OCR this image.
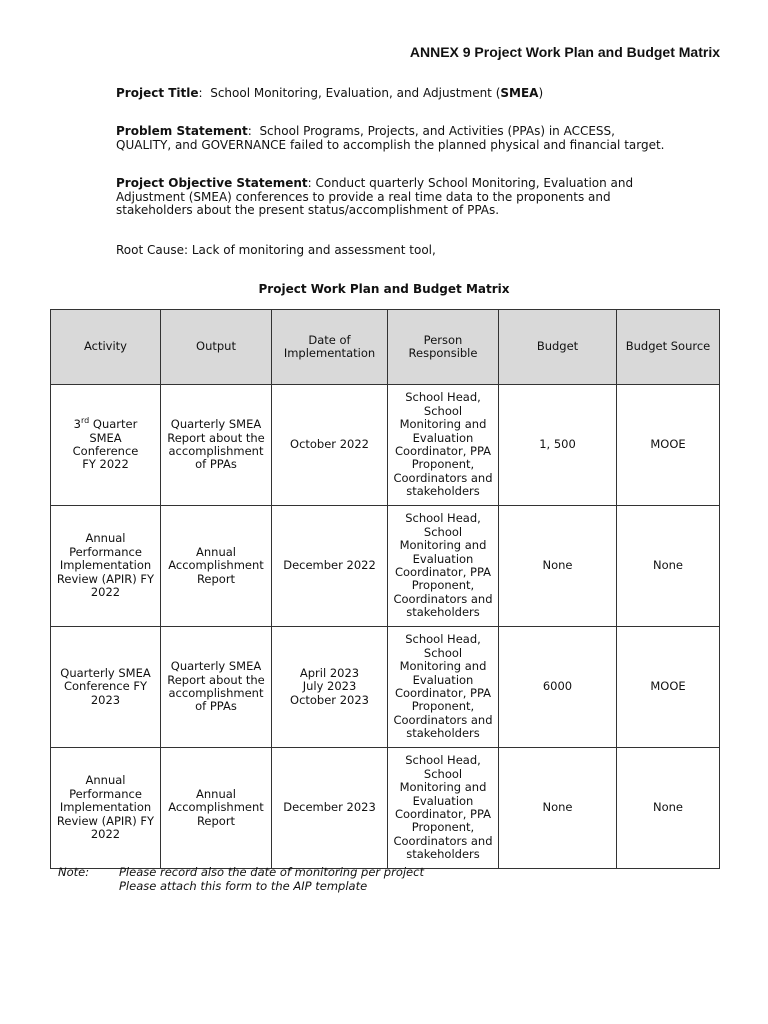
ANNEX 9 Project Work Plan and Budget Matrix
Project Title:  School Monitoring, Evaluation, and Adjustment (SMEA)
Problem Statement:  School Programs, Projects, and Activities (PPAs) in ACCESS,
QUALITY, and GOVERNANCE failed to accomplish the planned physical and financial target.
Project Objective Statement: Conduct quarterly School Monitoring, Evaluation and
Adjustment (SMEA) conferences to provide a real time data to the proponents and
stakeholders about the present status/accomplishment of PPAs.
Root Cause: Lack of monitoring and assessment tool,
Project Work Plan and Budget Matrix
Activity	Output	Date of Implementation	Person Responsible	Budget	Budget Source
3rd Quarter SMEA Conference FY 2022	Quarterly SMEA Report about the accomplishment of PPAs	October 2022	School Head, School Monitoring and Evaluation Coordinator, PPA Proponent, Coordinators and stakeholders	1, 500	MOOE
Annual Performance Implementation Review (APIR) FY 2022	Annual Accomplishment Report	December 2022	School Head, School Monitoring and Evaluation Coordinator, PPA Proponent, Coordinators and stakeholders	None	None
Quarterly SMEA Conference FY 2023	Quarterly SMEA Report about the accomplishment of PPAs	April 2023
July 2023
October 2023	School Head, School Monitoring and Evaluation Coordinator, PPA Proponent, Coordinators and stakeholders	6000	MOOE
Annual Performance Implementation Review (APIR) FY 2022	Annual Accomplishment Report	December 2023	School Head, School Monitoring and Evaluation Coordinator, PPA Proponent, Coordinators and stakeholders	None	None
Note:	Please record also the date of monitoring per project
Please attach this form to the AIP template
